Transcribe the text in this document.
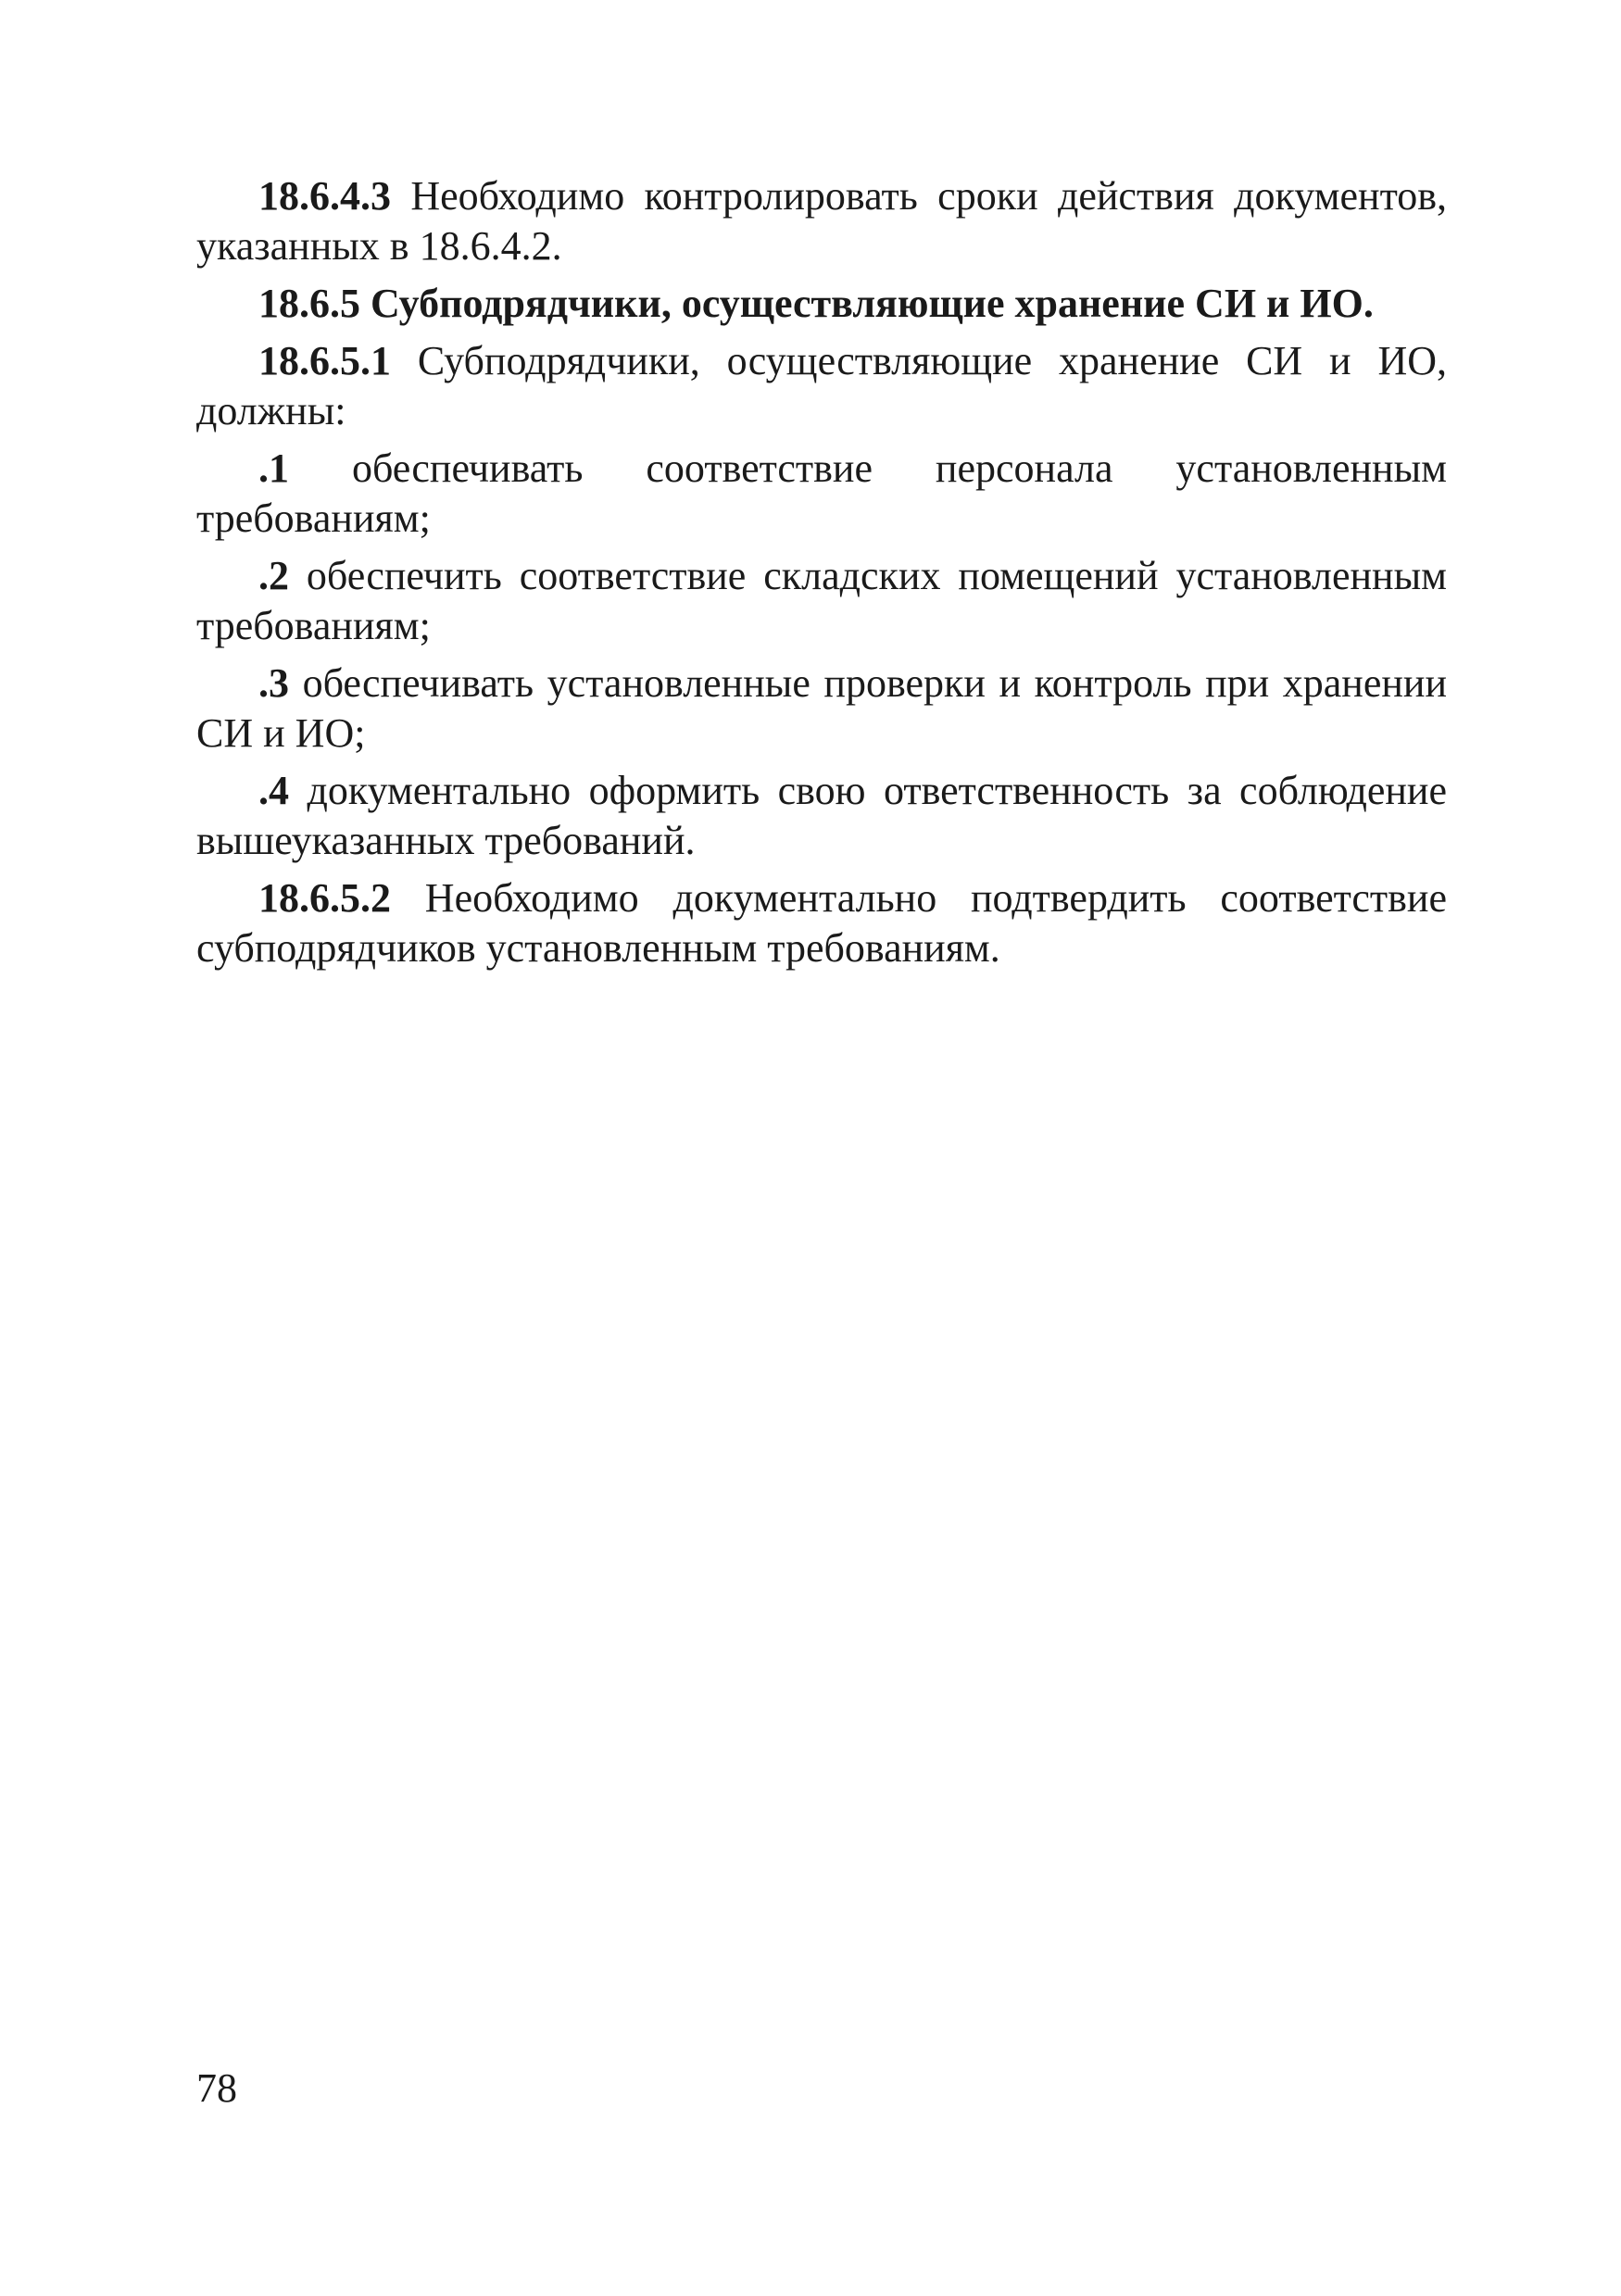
18.6.4.3 Необходимо контролировать сроки действия документов, указанных в 18.6.4.2.

18.6.5 Субподрядчики, осуществляющие хранение СИ и ИО.

18.6.5.1 Субподрядчики, осуществляющие хранение СИ и ИО, должны:

.1 обеспечивать соответствие персонала установленным требованиям;

.2 обеспечить соответствие складских помещений установленным требованиям;

.3 обеспечивать установленные проверки и контроль при хранении СИ и ИО;

.4 документально оформить свою ответственность за соблюдение вышеуказанных требований.

18.6.5.2 Необходимо документально подтвердить соответствие субподрядчиков установленным требованиям.

78
